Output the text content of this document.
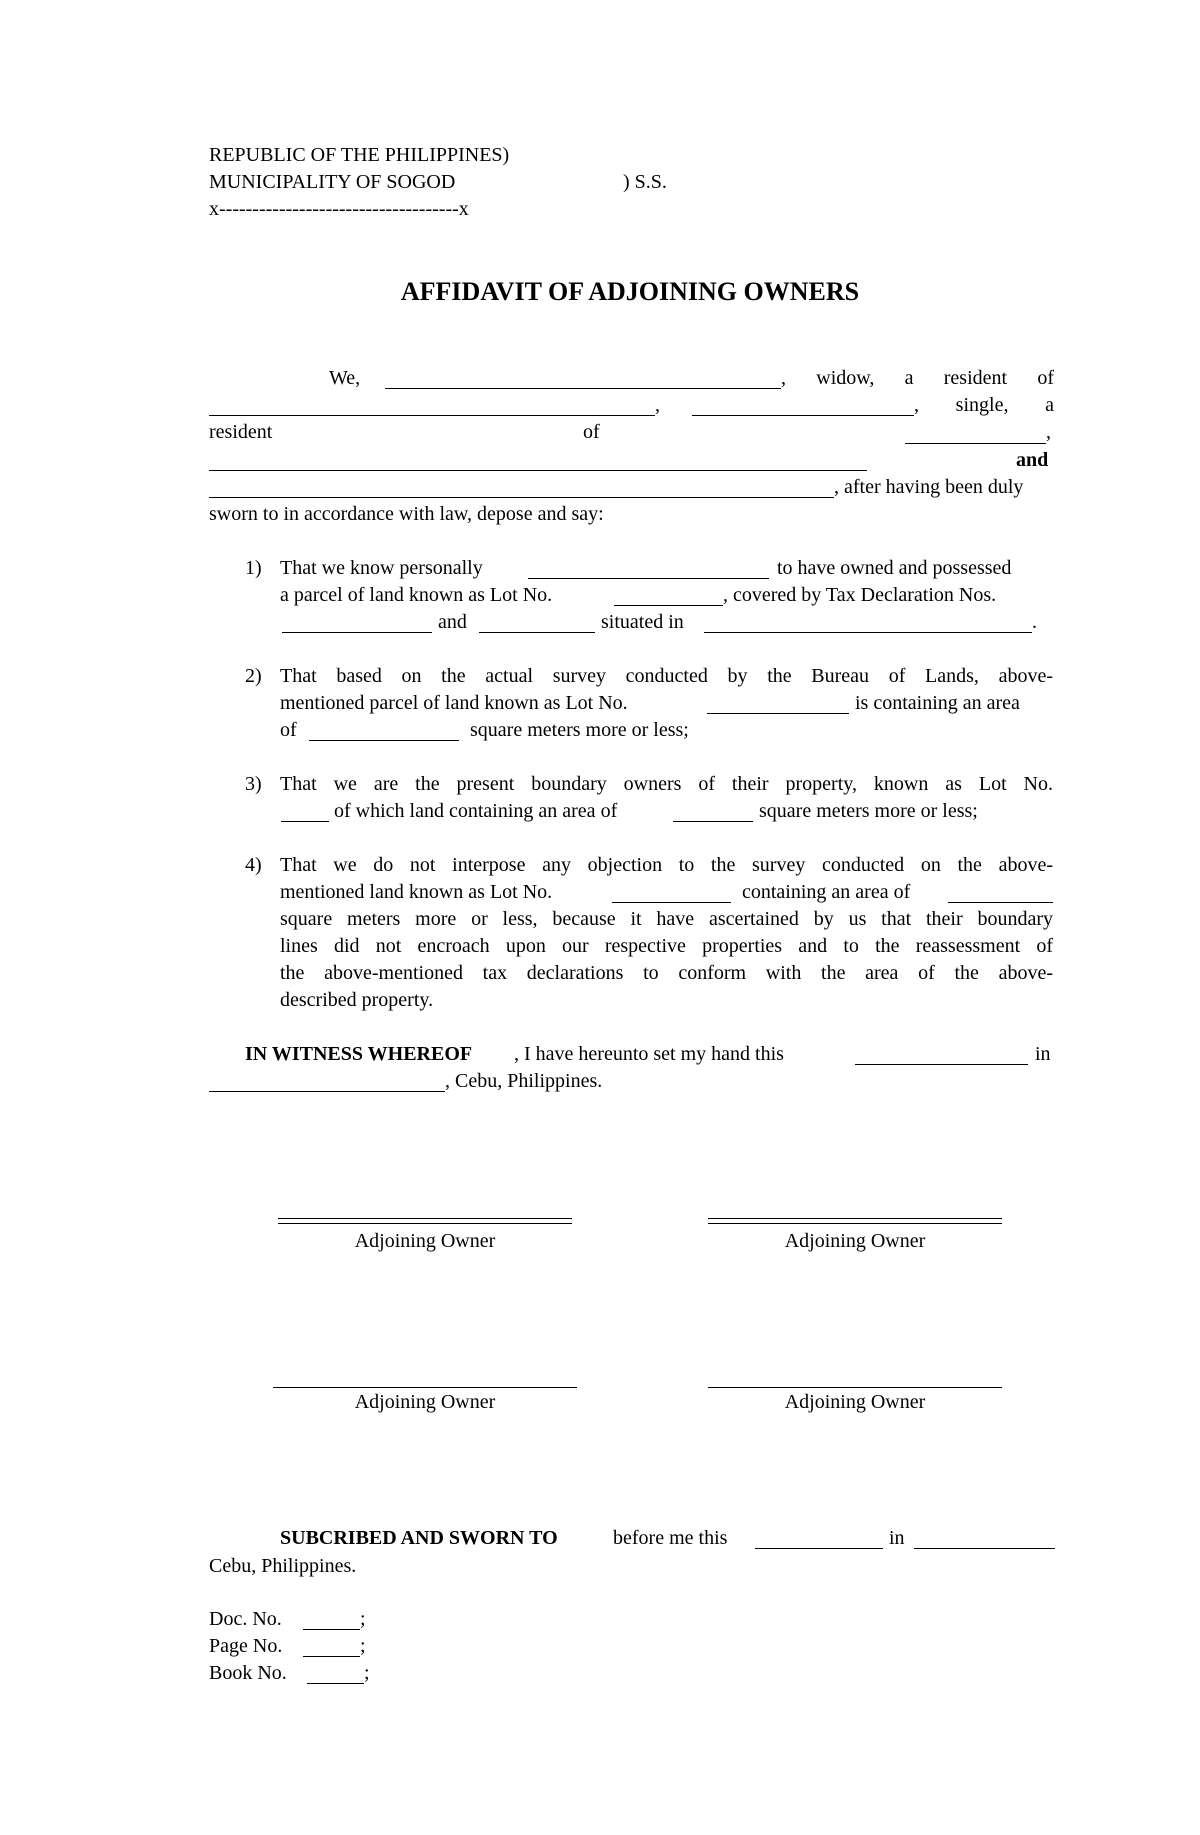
REPUBLIC OF THE PHILIPPINES)
MUNICIPALITY OF SOGOD	) S.S.
x------------------------------------x
AFFIDAVIT OF ADJOINING OWNERS
We,	, widow, a resident of
,	, single, a
resident	of	,
and
, after having been duly
sworn to in accordance with law, depose and say:
1) That we know personally	to have owned and possessed
a parcel of land known as Lot No.	, covered by Tax Declaration Nos.
and	situated in	.
2) That based on the actual survey conducted by the Bureau of Lands, above-
mentioned parcel of land known as Lot No.	is containing an area
of	square meters more or less;
3) That we are the present boundary owners of their property, known as Lot No.
of which land containing an area of	square meters more or less;
4) That we do not interpose any objection to the survey conducted on the above-
mentioned land known as Lot No.	containing an area of
square meters more or less, because it have ascertained by us that their boundary
lines did not encroach upon our respective properties and to the reassessment of
the above-mentioned tax declarations to conform with the area of the above-
described property.
IN WITNESS WHEREOF , I have hereunto set my hand this	in
, Cebu, Philippines.
Adjoining Owner	Adjoining Owner
Adjoining Owner	Adjoining Owner
SUBCRIBED AND SWORN TO	before me this	in
Cebu, Philippines.
Doc. No.	;
Page No.	;
Book No.	;
